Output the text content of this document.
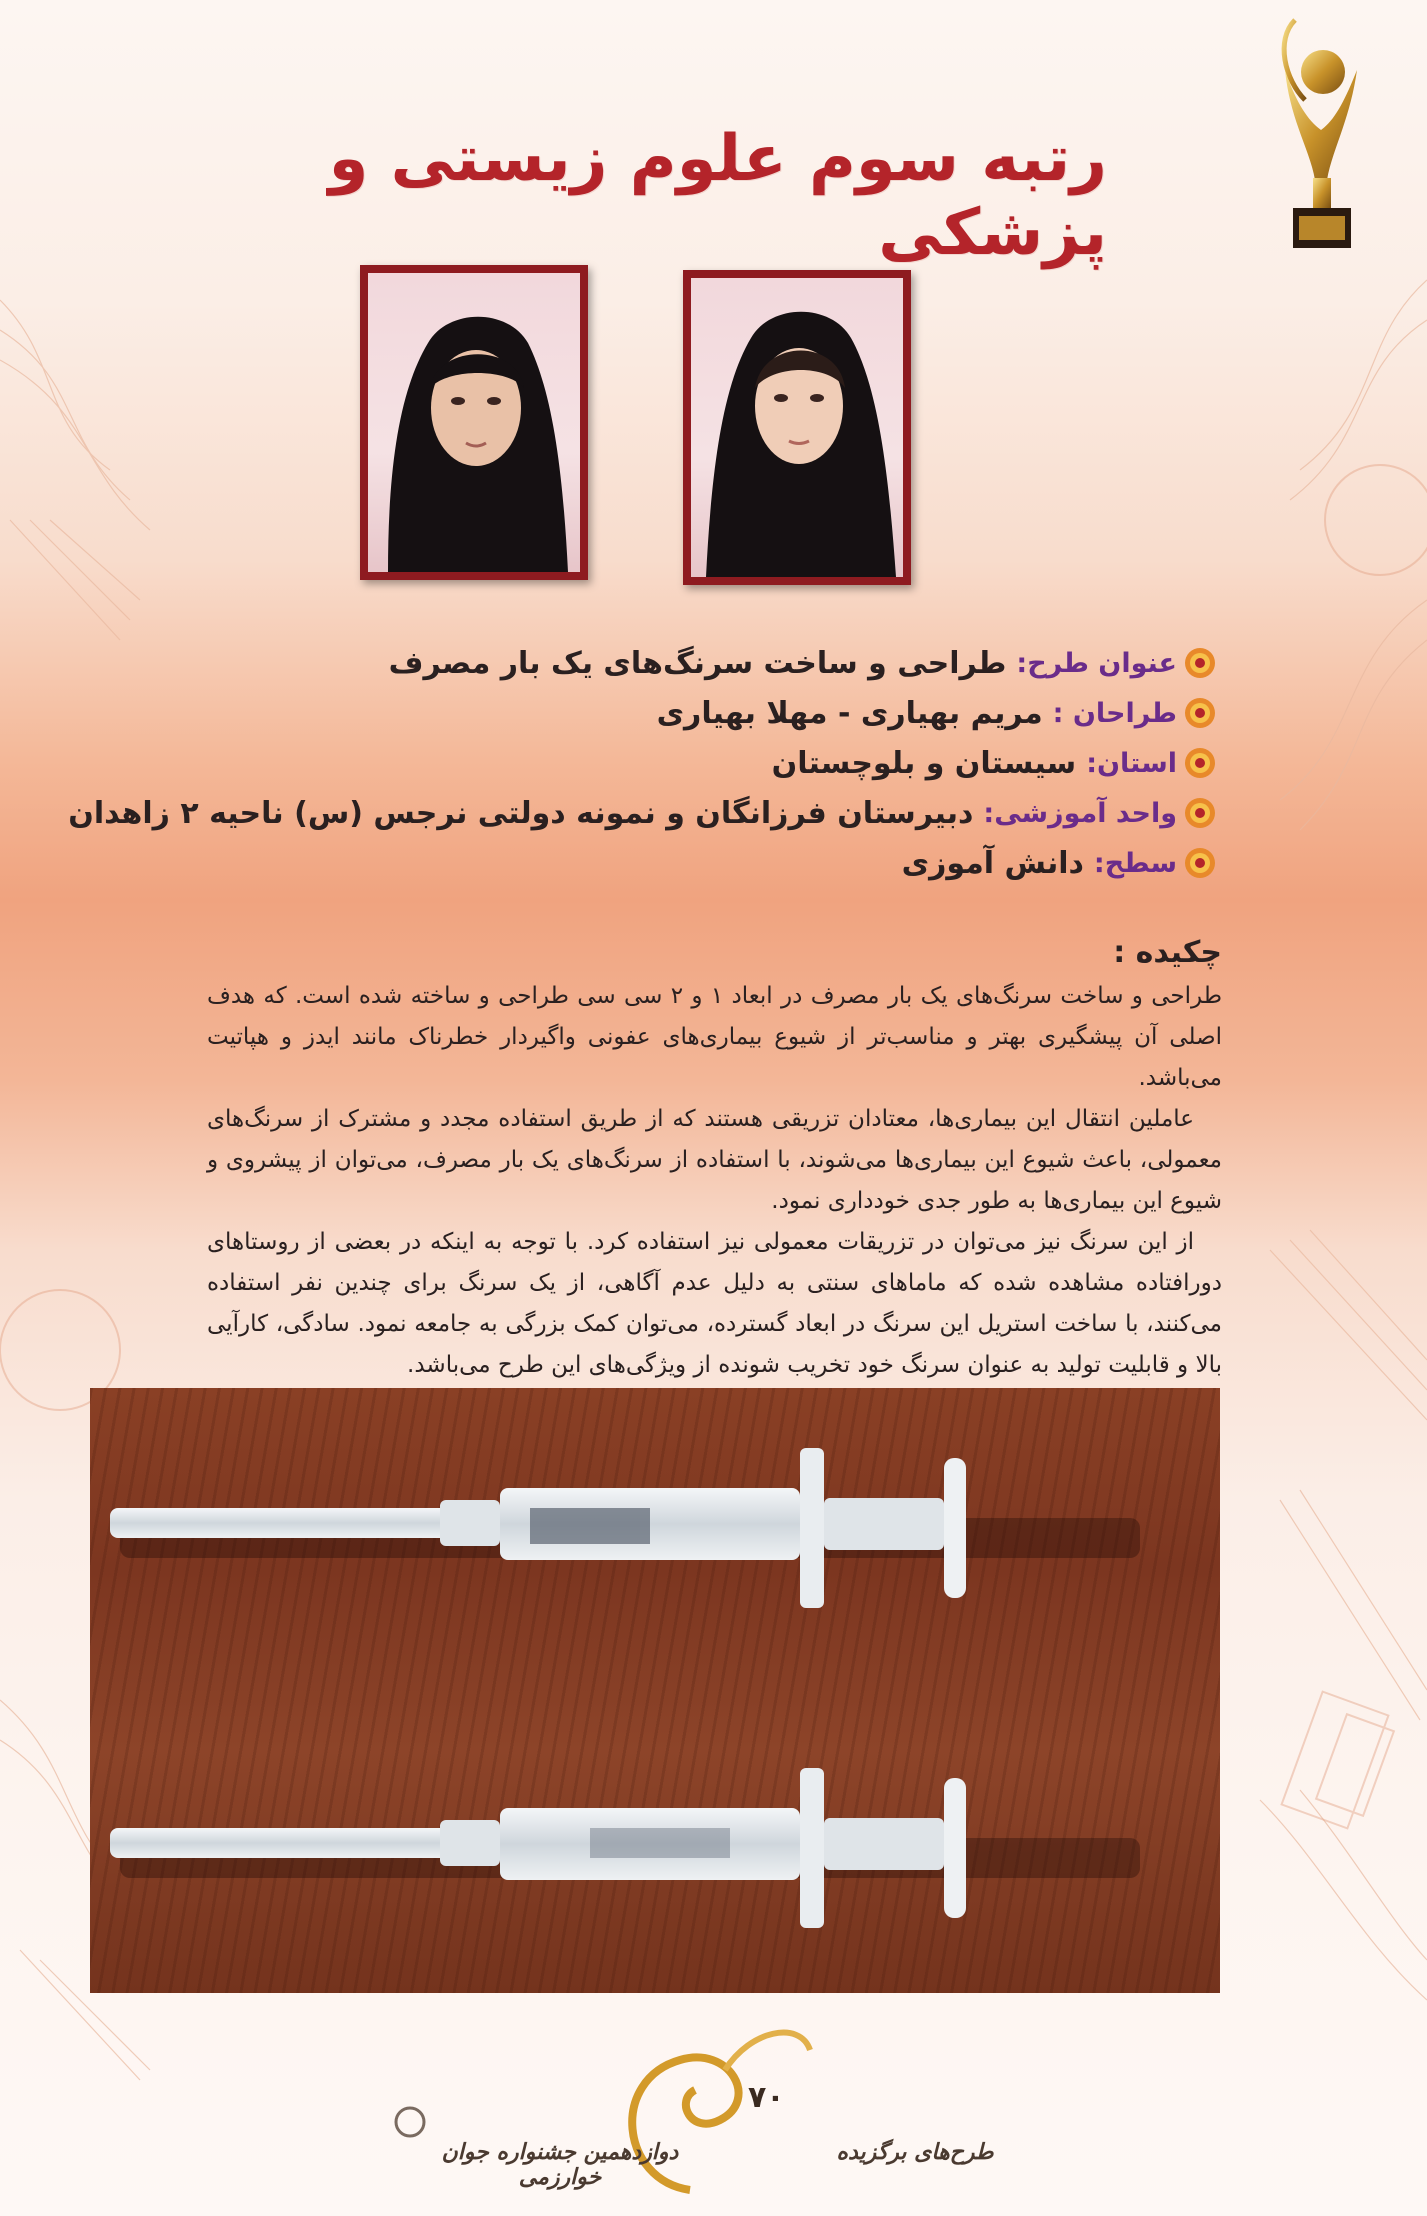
رتبه سوم علوم زیستی و پزشکی
عنوان طرح:
طراحی و ساخت سرنگ‌های یک بار مصرف
طراحان :
مریم بهیاری - مهلا بهیاری
استان:
سیستان و بلوچستان
واحد آموزشی:
دبیرستان فرزانگان و نمونه دولتی نرجس (س) ناحیه ۲ زاهدان
سطح:
دانش آموزی
چکیده :

طراحی و ساخت سرنگ‌های یک بار مصرف در ابعاد ۱ و ۲ سی سی طراحی و ساخته شده است. که هدف اصلی آن پیشگیری بهتر و مناسب‌تر از شیوع بیماری‌های عفونی واگیردار خطرناک مانند ایدز و هپاتیت می‌باشد.

عاملین انتقال این بیماری‌ها، معتادان تزریقی هستند که از طریق استفاده مجدد و مشترک از سرنگ‌های معمولی، باعث شیوع این بیماری‌ها می‌شوند، با استفاده از سرنگ‌های یک بار مصرف، می‌توان از پیشروی و شیوع این بیماری‌ها به طور جدی خودداری نمود.

از این سرنگ نیز می‌توان در تزریقات معمولی نیز استفاده کرد. با توجه به اینکه در بعضی از روستاهای دورافتاده مشاهده شده که ماماهای سنتی به دلیل عدم آگاهی، از یک سرنگ برای چندین نفر استفاده می‌کنند، با ساخت استریل این سرنگ در ابعاد گسترده، می‌توان کمک بزرگی به جامعه نمود. سادگی، کارآیی بالا و قابلیت تولید به عنوان سرنگ خود تخریب شونده از ویژگی‌های این طرح می‌باشد.

۷۰
دوازدهمین جشنواره جوان خوارزمی
طرح‌های برگزیده
